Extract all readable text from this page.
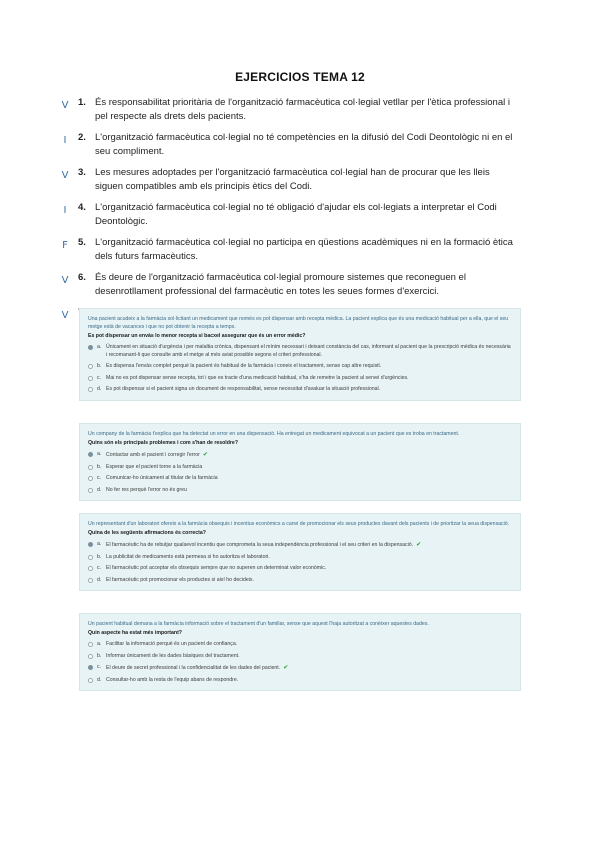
EJERCICIOS TEMA 12
V	1. És responsabilitat prioritària de l'organització farmacèutica col·legial vetllar per l'ètica professional i pel respecte als drets dels pacients.
I	2. L'organització farmacèutica col·legial no té competències en la difusió del Codi Deontològic ni en el seu compliment.
V	3. Les mesures adoptades per l'organització farmacèutica col·legial han de procurar que les lleis siguen compatibles amb els principis ètics del Codi.
I	4. L'organització farmacèutica col·legial no té obligació d'ajudar els col·legiats a interpretar el Codi Deontològic.
F	5. L'organització farmacèutica col·legial no participa en qüestions acadèmiques ni en la formació ètica dels futurs farmacèutics.
V	6. És deure de l'organització farmacèutica col·legial promoure sistemes que reconeguen el desenrotllament professional del farmacèutic en totes les seues formes d'exercici.
V	Una pacient acudeix a la farmàcia sol·licitant un medicament que només es pot dispensar amb recepta mèdica. La pacient explica que és una medicació habitual per a ella, que el seu metge està de vacances i que no pot obtenir la recepta a temps.
Es pot dispensar un envàs lo menor recepta si bacxel assegurar que és un error mèdic?
a. Únicament en situació d'urgència i per malaltia crònica, dispensant el mínim necessari i deixant constància del cas, informant al pacient que la prescripció mèdica és necessària i recomanant-li que consulte amb el metge al més aviat possible segons el criteri professional.
b. Es dispensa l'envàs complet perquè la pacient és habitual de la farmàcia i coneix el tractament, sense cap altre requisit.
c. Mai no es pot dispensar sense recepta, tot i que es tracte d'una medicació habitual, s'ha de remetre la pacient al servei d'urgències.
d. Es pot dispensar si el pacient signa un document de responsabilitat, sense necessitat d'avaluar la situació professional.
Un company de la farmàcia t'explica que ha detectat un error en una dispensació. Ha entregat un medicament equivocat a un pacient que es troba en tractament.
Quins són els principals problemes i com s'han de resoldre?
a. Contactar amb el pacient i corregir l'error ✔
b. Esperar que el pacient torne a la farmàcia
c. Comunicar-ho únicament al titular de la farmàcia
d. No fer res perquè l'error no és greu
Un representant d'un laboratori ofereix a la farmàcia obsequis i incentius econòmics a canvi de promocionar els seus productes davant dels pacients i de prioritzar la seua dispensació.
Quina de les següents afirmacions és correcta?
a. El farmacèutic ha de rebutjar qualsevol incentiu que comprometa la seua independència professional i el seu criteri en la dispensació. ✔
b. La publicitat de medicaments està permesa si ho autoritza el laboratori.
c. El farmacèutic pot acceptar els obsequis sempre que no superen un determinat valor econòmic.
d. El farmacèutic pot promocionar els productes si així ho decideix.
Un pacient habitual demana a la farmàcia informació sobre el tractament d'un familiar, sense que aquest l'haja autoritzat a conèixer aquestes dades.
Quin aspecte ha estat més important?
a. Facilitar la informació perquè és un pacient de confiança.
b. Informar únicament de les dades bàsiques del tractament.
c. El deure de secret professional i la confidencialitat de les dades del pacient. ✔
d. Consultar-ho amb la resta de l'equip abans de respondre.
